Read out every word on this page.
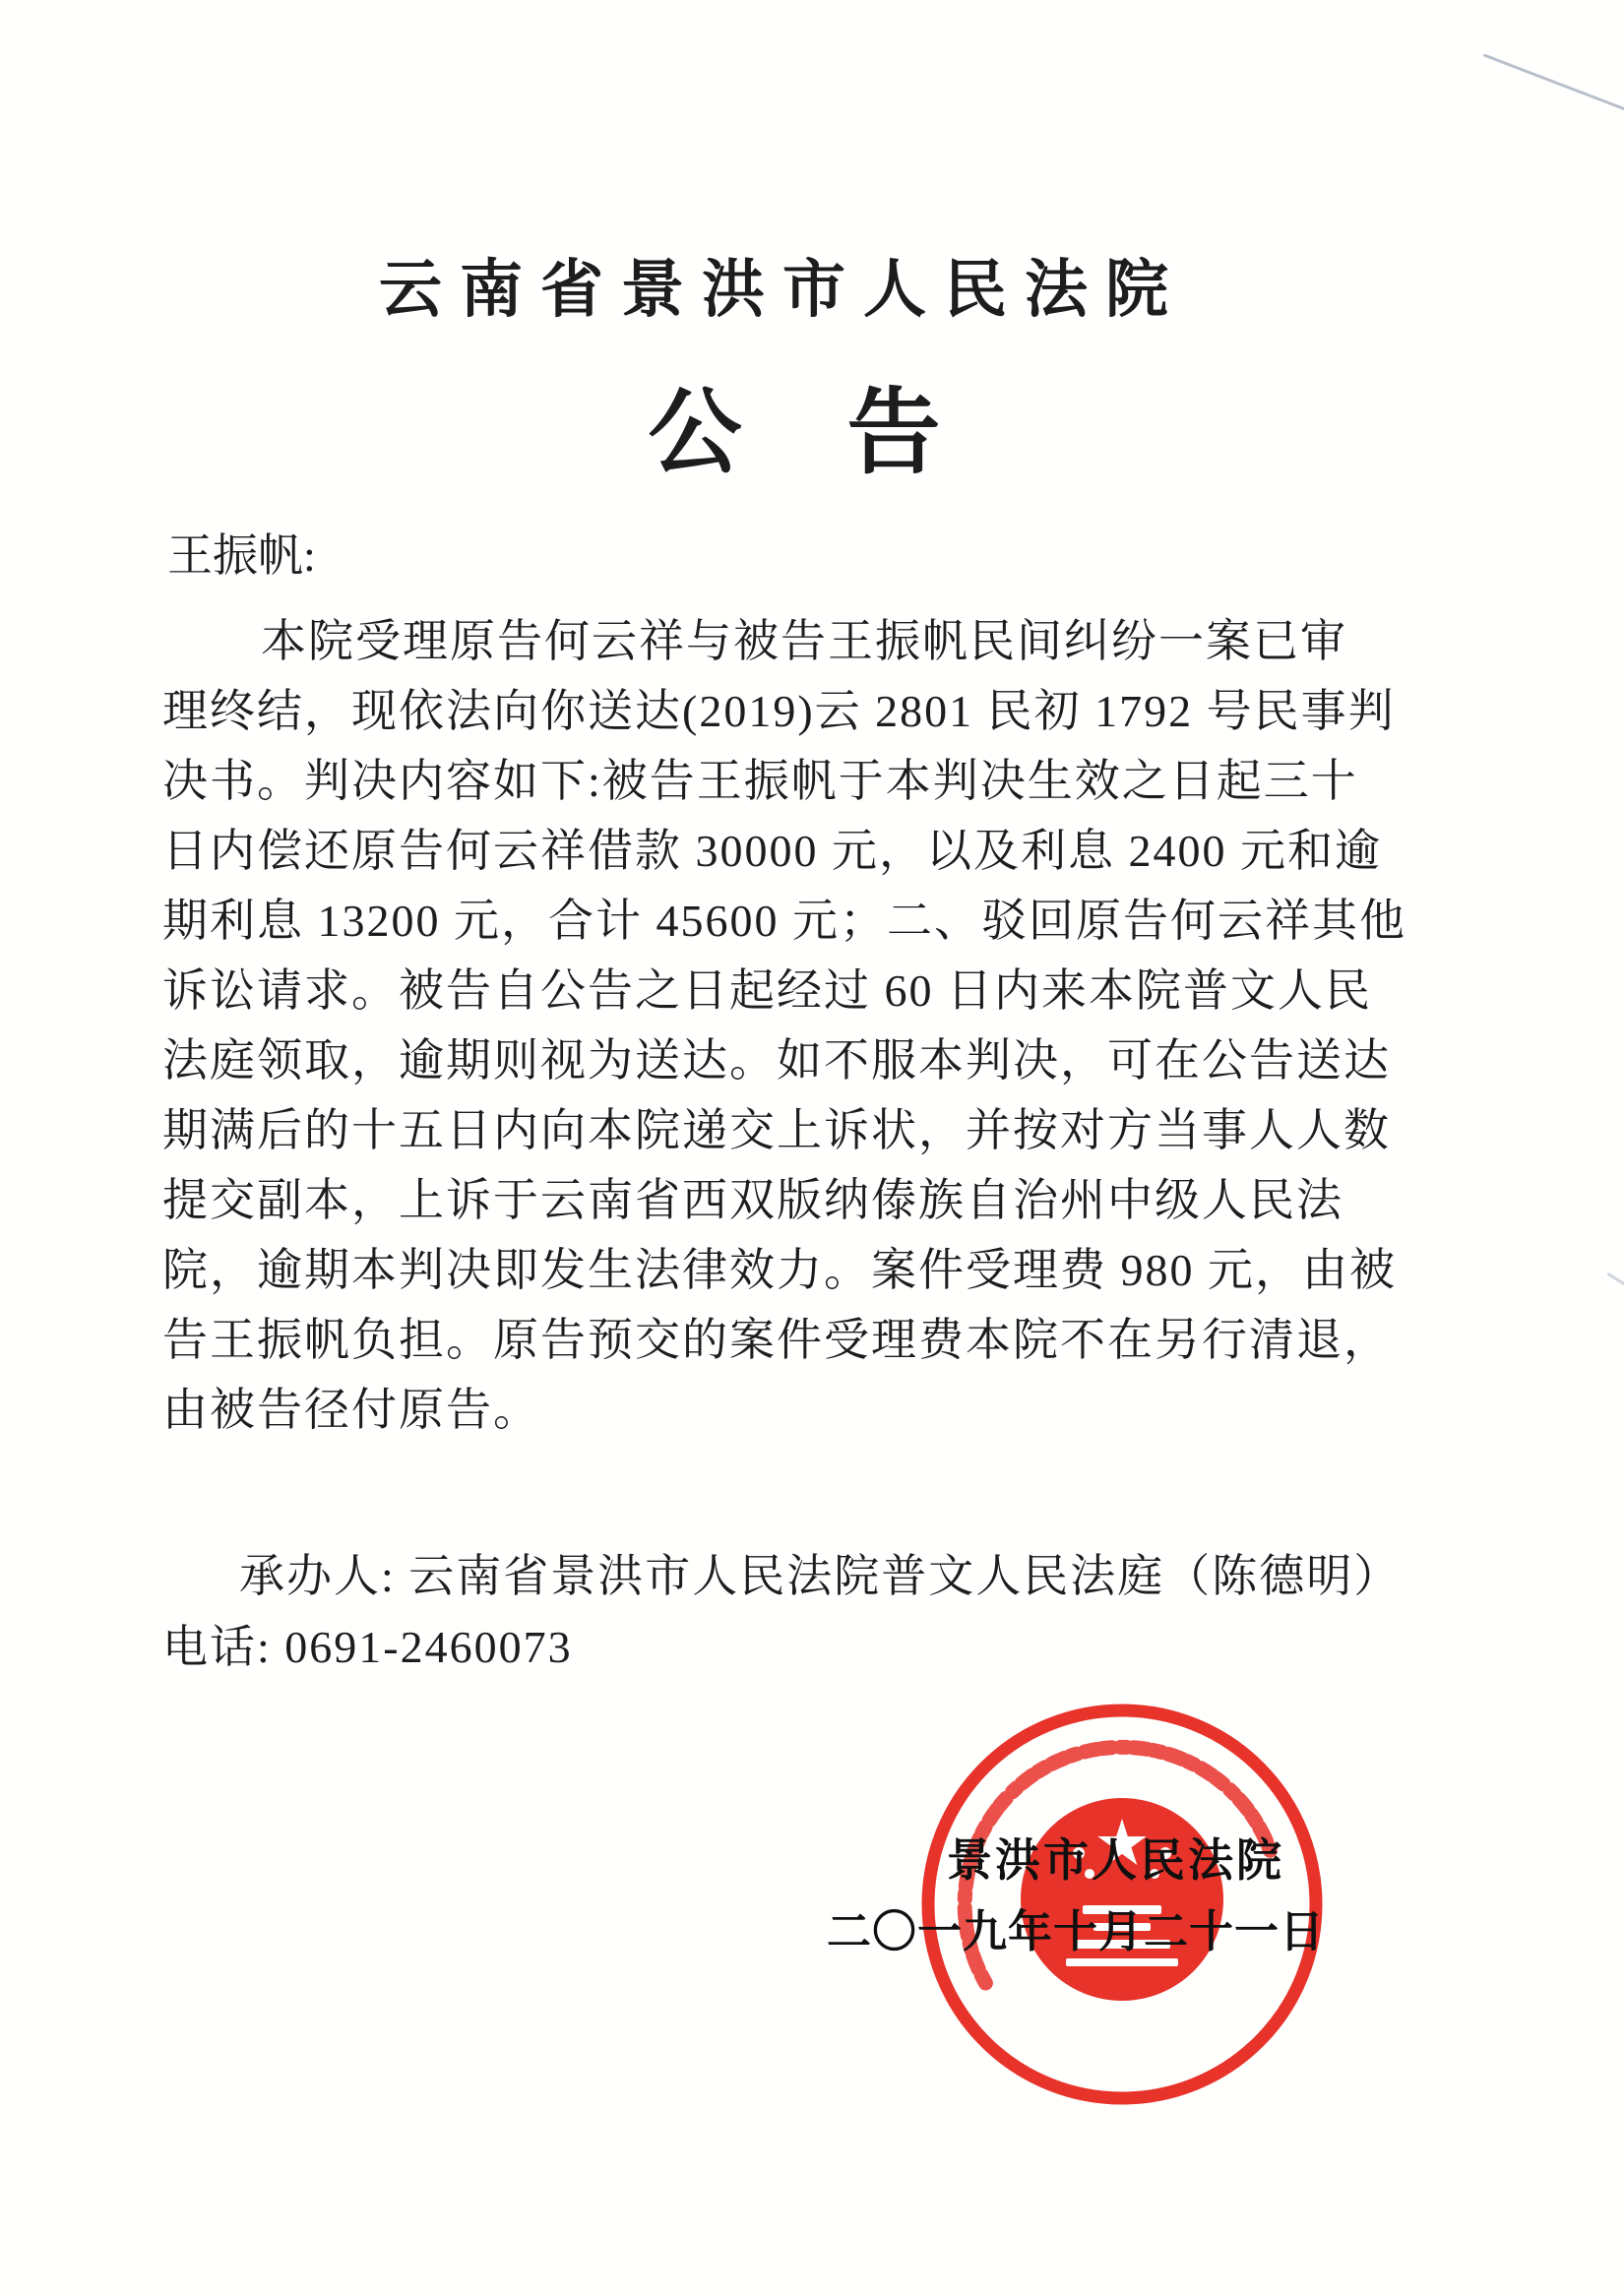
云南省景洪市人民法院
公　告
王振帆:
本院受理原告何云祥与被告王振帆民间纠纷一案已审
理终结，现依法向你送达(2019)云 2801 民初 1792 号民事判
决书。判决内容如下:被告王振帆于本判决生效之日起三十
日内偿还原告何云祥借款 30000 元，以及利息 2400 元和逾
期利息 13200 元，合计 45600 元；二、驳回原告何云祥其他
诉讼请求。被告自公告之日起经过 60 日内来本院普文人民
法庭领取，逾期则视为送达。如不服本判决，可在公告送达
期满后的十五日内向本院递交上诉状，并按对方当事人人数
提交副本，上诉于云南省西双版纳傣族自治州中级人民法
院，逾期本判决即发生法律效力。案件受理费 980 元，由被
告王振帆负担。原告预交的案件受理费本院不在另行清退，
由被告径付原告。
承办人: 云南省景洪市人民法院普文人民法庭（陈德明）
电话: 0691-2460073
景洪市人民法院
二〇一九年十月二十一日
